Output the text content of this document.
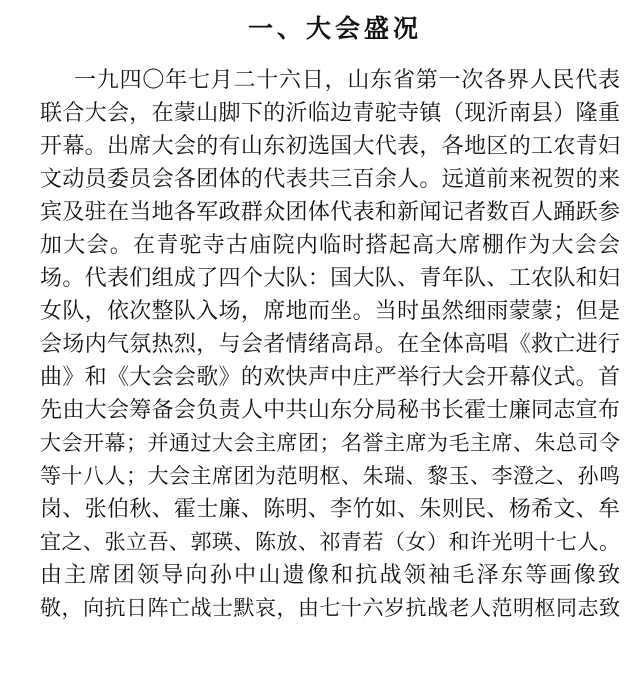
一、大会盛况
一九四〇年七月二十六日，山东省第一次各界人民代表
联合大会，在蒙山脚下的沂临边青驼寺镇（现沂南县）隆重
开幕。出席大会的有山东初选国大代表，各地区的工农青妇
文动员委员会各团体的代表共三百余人。远道前来祝贺的来
宾及驻在当地各军政群众团体代表和新闻记者数百人踊跃参
加大会。在青驼寺古庙院内临时搭起高大席棚作为大会会
场。代表们组成了四个大队：国大队、青年队、工农队和妇
女队，依次整队入场，席地而坐。当时虽然细雨蒙蒙；但是
会场内气氛热烈，与会者情绪高昂。在全体高唱《救亡进行
曲》和《大会会歌》的欢快声中庄严举行大会开幕仪式。首
先由大会筹备会负责人中共山东分局秘书长霍士廉同志宣布
大会开幕；并通过大会主席团；名誉主席为毛主席、朱总司令
等十八人；大会主席团为范明枢、朱瑞、黎玉、李澄之、孙鸣
岗、张伯秋、霍士廉、陈明、李竹如、朱则民、杨希文、牟
宜之、张立吾、郭瑛、陈放、祁青若（女）和许光明十七人。
由主席团领导向孙中山遗像和抗战领袖毛泽东等画像致
敬，向抗日阵亡战士默哀，由七十六岁抗战老人范明枢同志致
